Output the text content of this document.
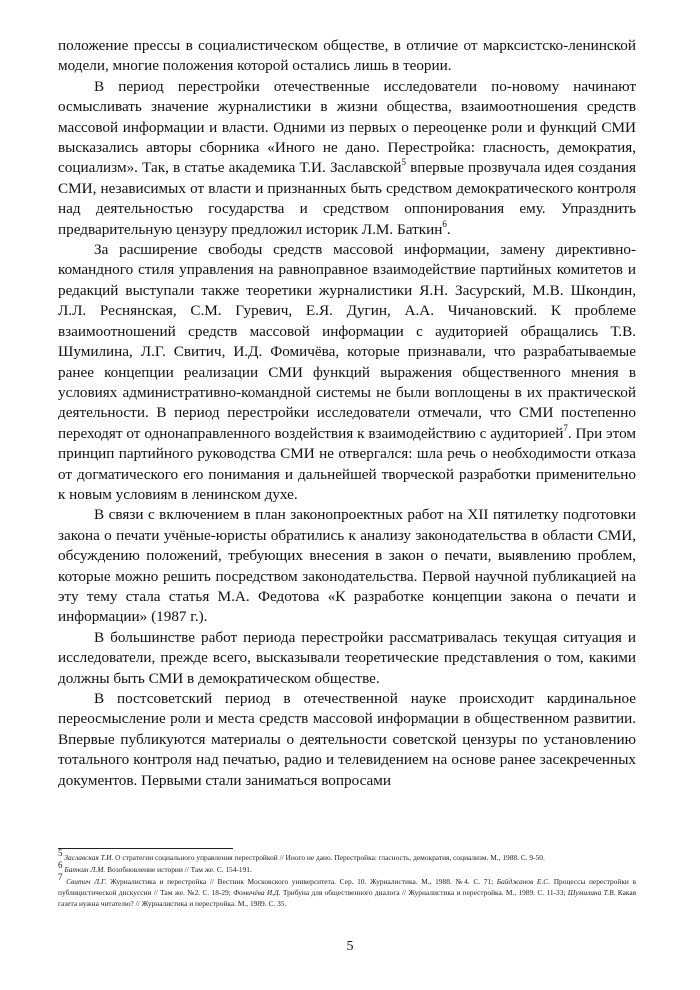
положение прессы в социалистическом обществе, в отличие от марксистско-ленинской модели, многие положения которой остались лишь в теории.

В период перестройки отечественные исследователи по-новому начинают осмысливать значение журналистики в жизни общества, взаимоотношения средств массовой информации и власти. Одними из первых о переоценке роли и функций СМИ высказались авторы сборника «Иного не дано. Перестройка: гласность, демократия, социализм». Так, в статье академика Т.И. Заславской$^5$ впервые прозвучала идея создания СМИ, независимых от власти и признанных быть средством демократического контроля над деятельностью государства и средством оппонирования ему. Упразднить предварительную цензуру предложил историк Л.М. Баткин$^6$.

За расширение свободы средств массовой информации, замену директивно-командного стиля управления на равноправное взаимодействие партийных комитетов и редакций выступали также теоретики журналистики Я.Н. Засурский, М.В. Шкондин, Л.Л. Реснянская, С.М. Гуревич, Е.Я. Дугин, А.А. Чичановский. К проблеме взаимоотношений средств массовой информации с аудиторией обращались Т.В. Шумилина, Л.Г. Свитич, И.Д. Фомичёва, которые признавали, что разрабатываемые ранее концепции реализации СМИ функций выражения общественного мнения в условиях административно-командной системы не были воплощены в их практической деятельности. В период перестройки исследователи отмечали, что СМИ постепенно переходят от однонаправленного воздействия к взаимодействию с аудиторией$^7$. При этом принцип партийного руководства СМИ не отвергался: шла речь о необходимости отказа от догматического его понимания и дальнейшей творческой разработки применительно к новым условиям в ленинском духе.

В связи с включением в план законопроектных работ на XII пятилетку подготовки закона о печати учёные-юристы обратились к анализу законодательства в области СМИ, обсуждению положений, требующих внесения в закон о печати, выявлению проблем, которые можно решить посредством законодательства. Первой научной публикацией на эту тему стала статья М.А. Федотова «К разработке концепции закона о печати и информации» (1987 г.).

В большинстве работ периода перестройки рассматривалась текущая ситуация и исследователи, прежде всего, высказывали теоретические представления о том, какими должны быть СМИ в демократическом обществе.

В постсоветский период в отечественной науке происходит кардинальное переосмысление роли и места средств массовой информации в общественном развитии. Впервые публикуются материалы о деятельности советской цензуры по установлению тотального контроля над печатью, радио и телевидением на основе ранее засекреченных документов. Первыми стали заниматься вопросами

$^5$ Заславская Т.И. О стратегии социального управления перестройкой // Иного не дано. Перестройка: гласность, демократия, социализм. М., 1988. С. 9-50.

$^6$ Баткин Л.М. Возобновление истории // Там же. С. 154-191.

$^7$ Свитич Л.Г. Журналистика и перестройка // Вестник Московского университета. Сер. 10. Журналистика. М., 1988. №4. С. 71; Байджанов Е.С. Процессы перестройки в публицистической дискуссии // Там же. №2. С. 18-29; Фомичёва И.Д. Трибуна для общественного диалога // Журналистика и перестройка. М., 1989. С. 11-33; Шумилина Т.В. Какая газета нужна читателю? // Журналистика и перестройка. М., 1989. С. 35.

5
